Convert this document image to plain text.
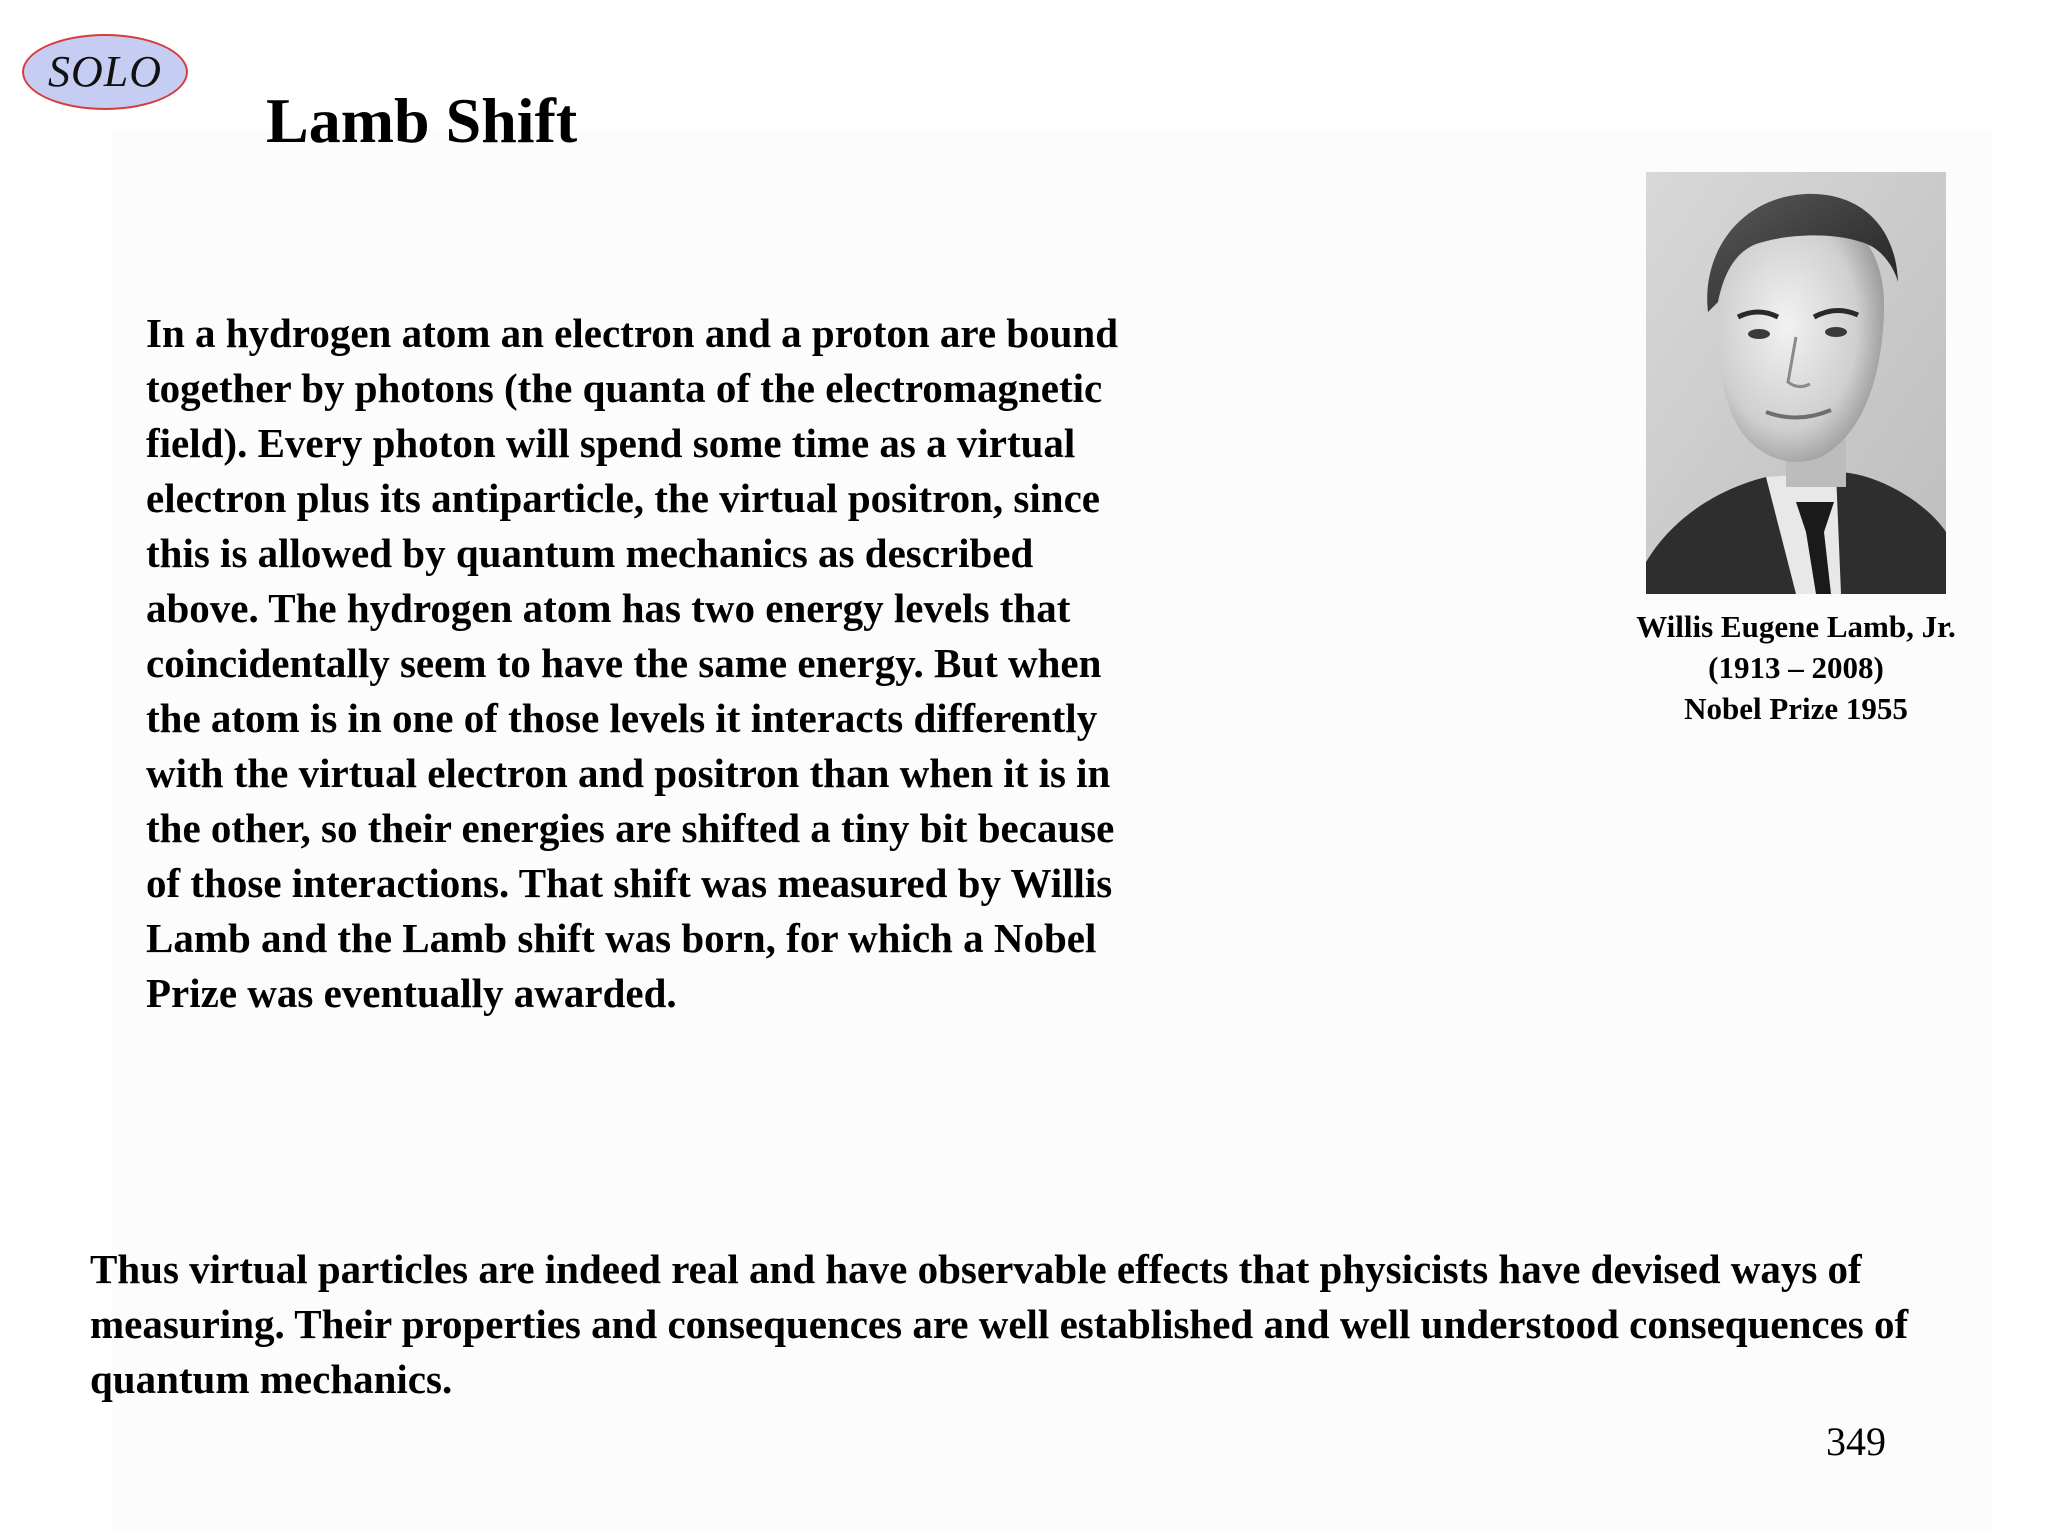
SOLO
Lamb Shift

In a hydrogen atom an electron and a proton are bound together by photons (the quanta of the electromagnetic field). Every photon will spend some time as a virtual electron plus its antiparticle, the virtual positron, since this is allowed by quantum mechanics as described above. The hydrogen atom has two energy levels that coincidentally seem to have the same energy. But when the atom is in one of those levels it interacts differently with the virtual electron and positron than when it is in the other, so their energies are shifted a tiny bit because of those interactions. That shift was measured by Willis Lamb and the Lamb shift was born, for which a Nobel Prize was eventually awarded.

Willis Eugene Lamb, Jr.
(1913 – 2008)
Nobel Prize 1955

Thus virtual particles are indeed real and have observable effects that physicists have devised ways of measuring. Their properties and consequences are well established and well understood consequences of quantum mechanics.

349
